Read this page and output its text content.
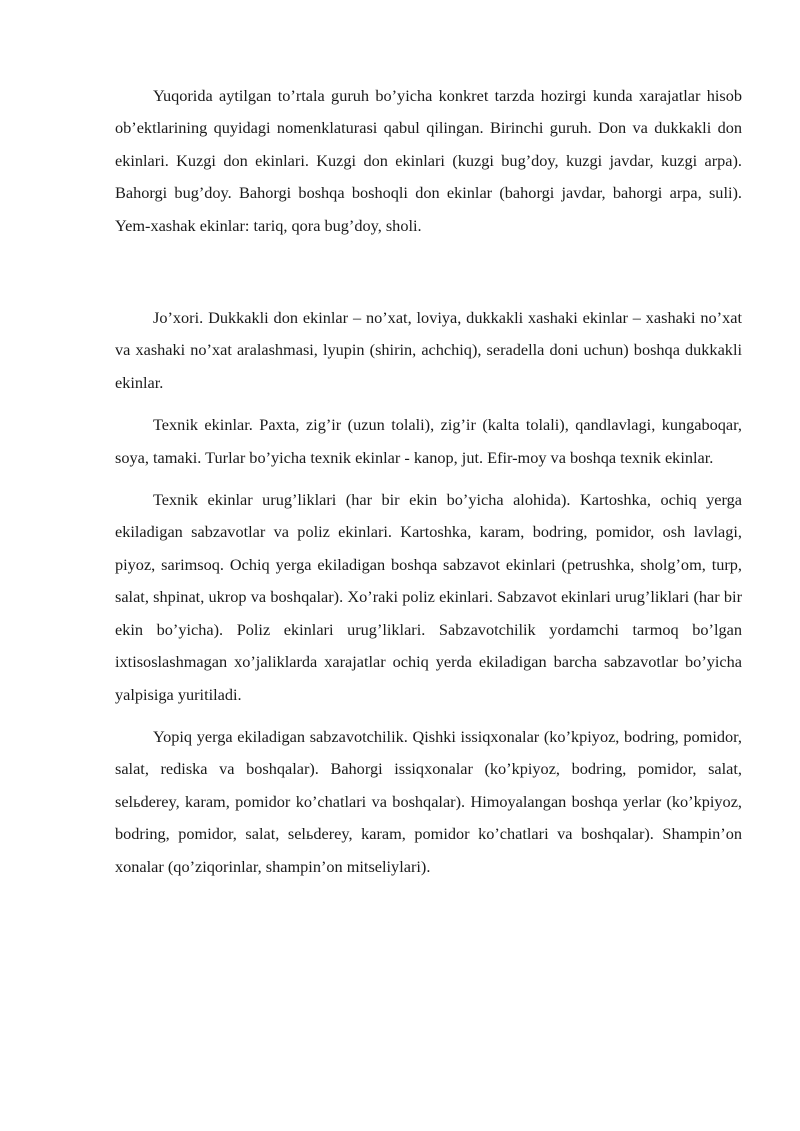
Yuqorida aytilgan to’rtala guruh bo’yicha konkret tarzda hozirgi kunda xarajatlar hisob ob’ektlarining quyidagi nomenklaturasi qabul qilingan. Birinchi guruh. Don va dukkakli don ekinlari. Kuzgi don ekinlari. Kuzgi don ekinlari (kuzgi bug’doy, kuzgi javdar, kuzgi arpa). Bahorgi bug’doy. Bahorgi boshqa boshoqli don ekinlar (bahorgi javdar, bahorgi arpa, suli). Yem-xashak ekinlar: tariq, qora bug’doy, sholi.

Jo’xori. Dukkakli don ekinlar – no’xat, loviya, dukkakli xashaki ekinlar – xashaki no’xat va xashaki no’xat aralashmasi, lyupin (shirin, achchiq), seradella doni uchun) boshqa dukkakli ekinlar.

Texnik ekinlar. Paxta, zig’ir (uzun tolali), zig’ir (kalta tolali), qandlavlagi, kungaboqar, soya, tamaki. Turlar bo’yicha texnik ekinlar - kanop, jut. Efir-moy va boshqa texnik ekinlar.

Texnik ekinlar urug’liklari (har bir ekin bo’yicha alohida). Kartoshka, ochiq yerga ekiladigan sabzavotlar va poliz ekinlari. Kartoshka, karam, bodring, pomidor, osh lavlagi, piyoz, sarimsoq. Ochiq yerga ekiladigan boshqa sabzavot ekinlari (petrushka, sholg’om, turp, salat, shpinat, ukrop va boshqalar). Xo’raki poliz ekinlari. Sabzavot ekinlari urug’liklari (har bir ekin bo’yicha). Poliz ekinlari urug’liklari. Sabzavotchilik yordamchi tarmoq bo’lgan ixtisoslashmagan xo’jaliklarda xarajatlar ochiq yerda ekiladigan barcha sabzavotlar bo’yicha yalpisiga yuritiladi.

Yopiq yerga ekiladigan sabzavotchilik. Qishki issiqxonalar (ko’kpiyoz, bodring, pomidor, salat, rediska va boshqalar). Bahorgi issiqxonalar (ko’kpiyoz, bodring, pomidor, salat, selьderey, karam, pomidor ko’chatlari va boshqalar). Himoyalangan boshqa yerlar (ko’kpiyoz, bodring, pomidor, salat, selьderey, karam, pomidor ko’chatlari va boshqalar). Shampin’on xonalar (qo’ziqorinlar, shampin’on mitseliylari).
